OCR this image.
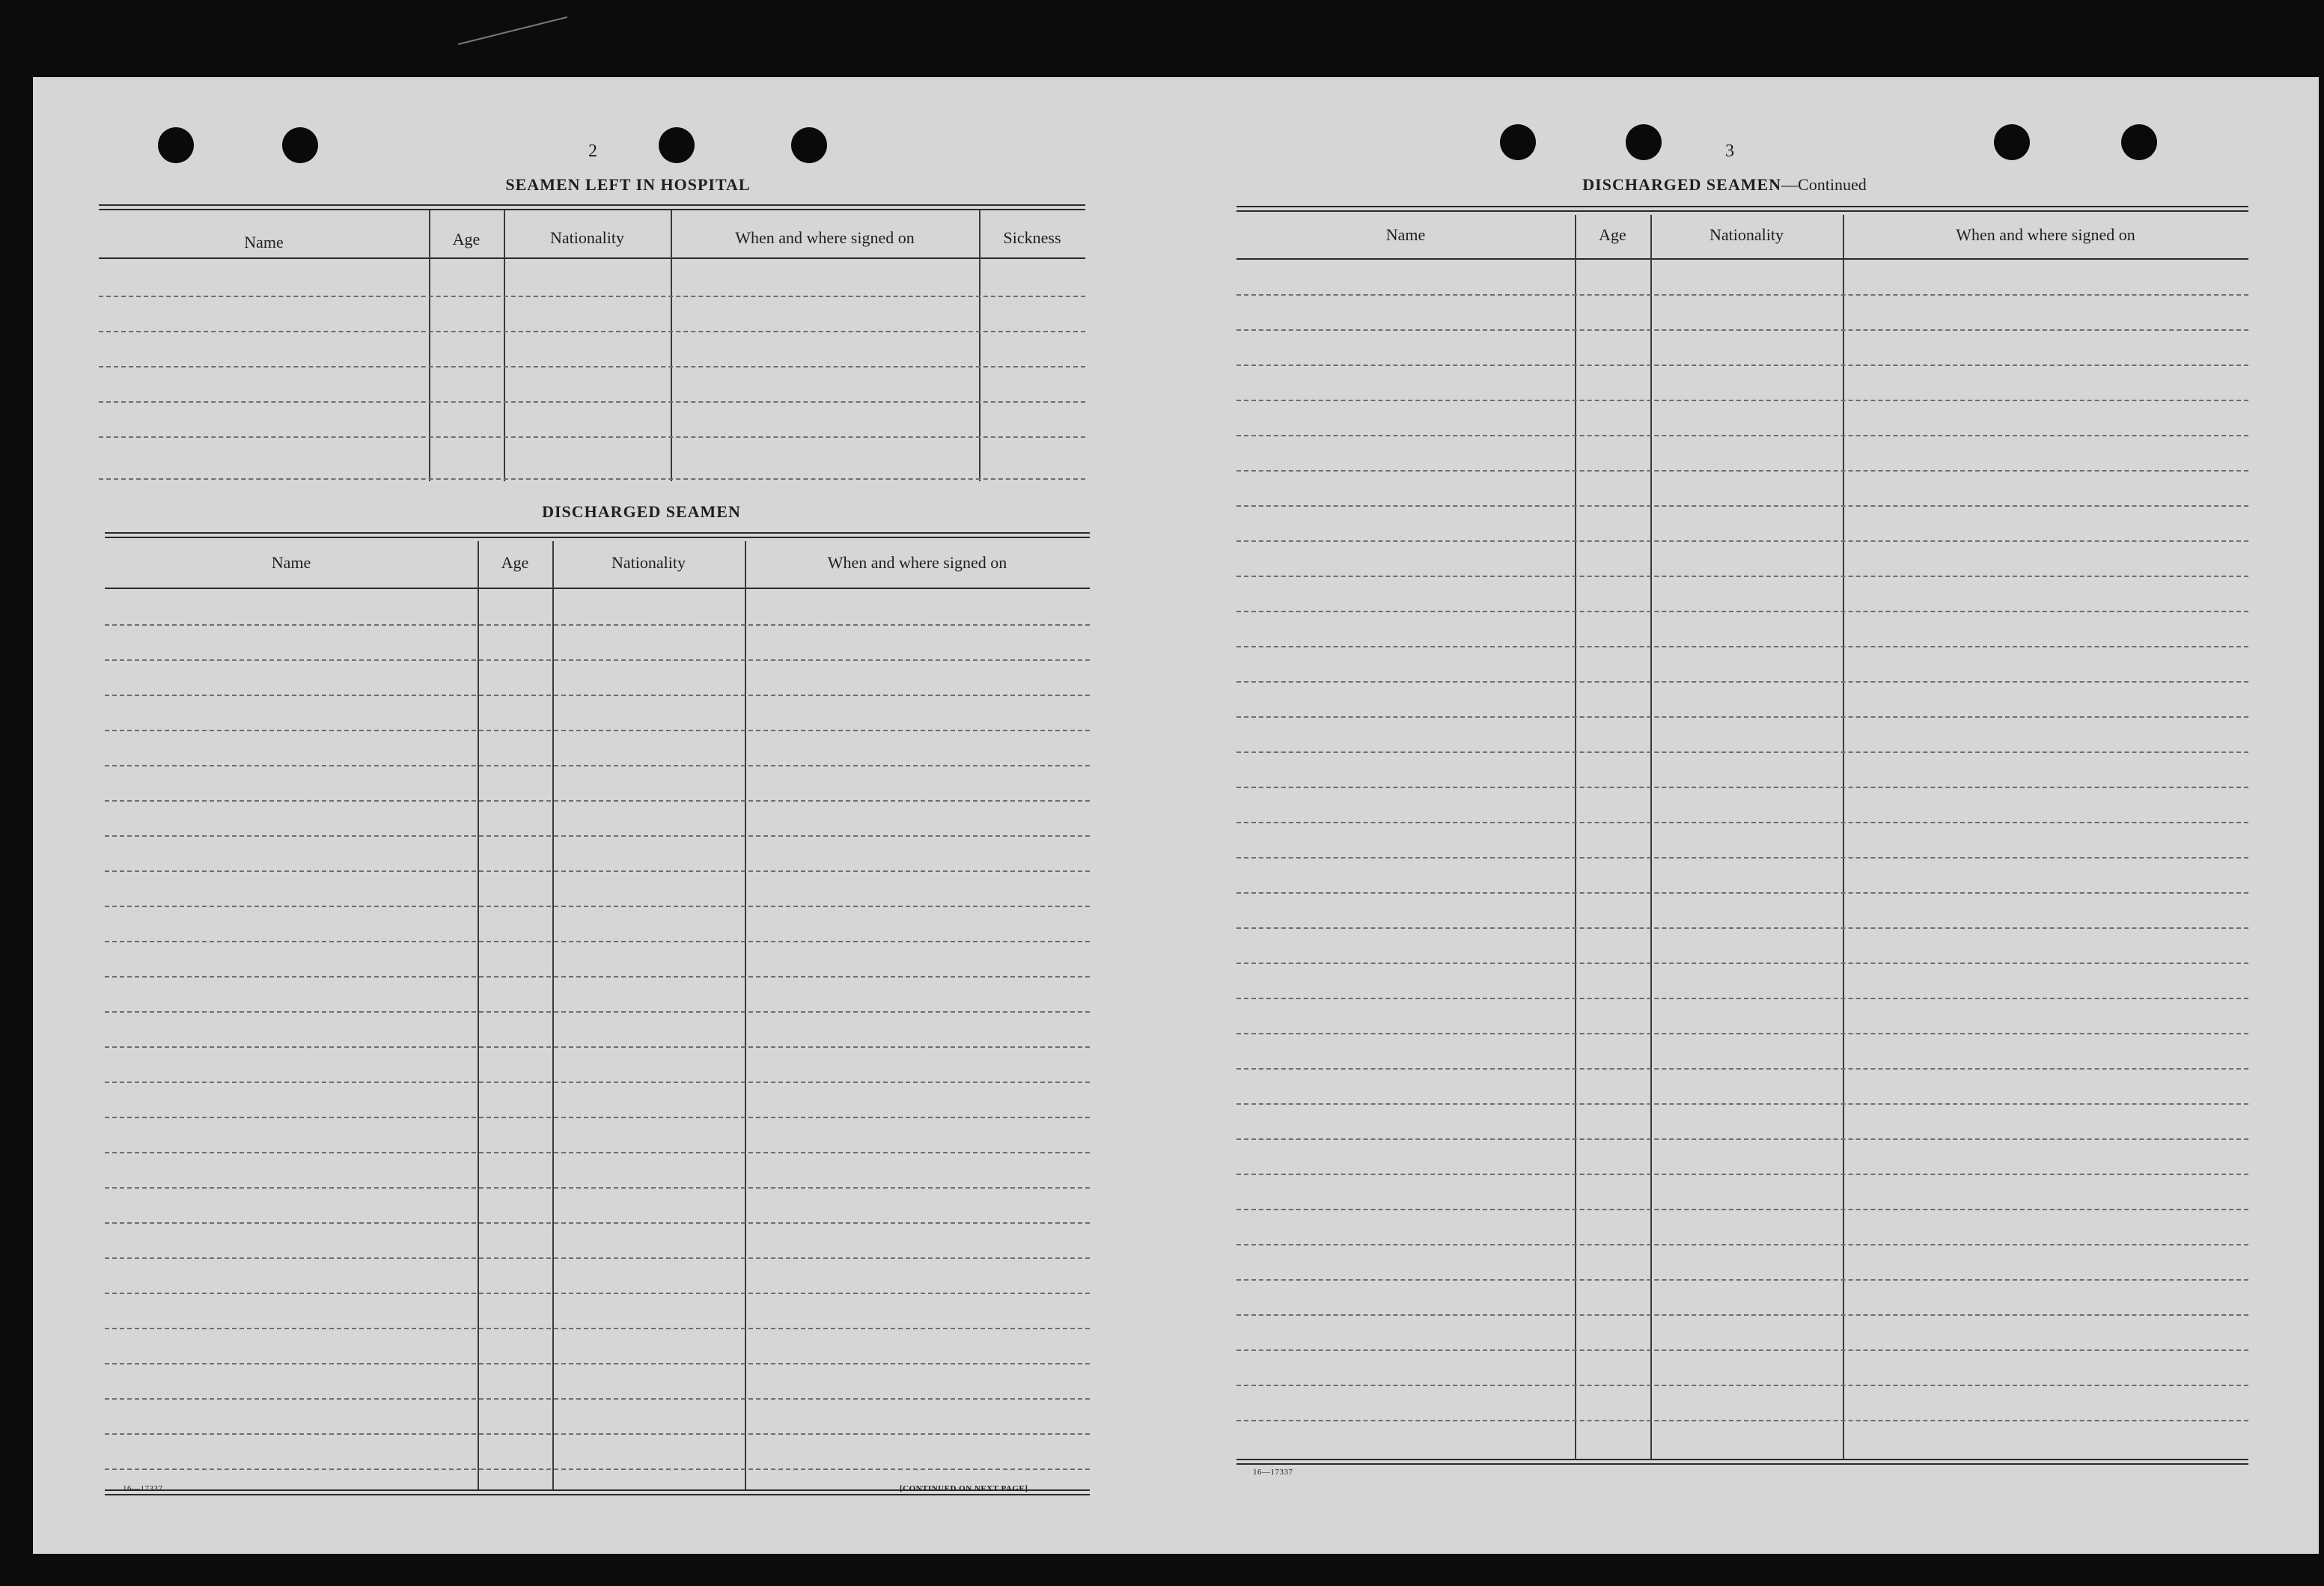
2
SEAMEN LEFT IN HOSPITAL
Name	Age	Nationality	When and where signed on	Sickness
DISCHARGED SEAMEN
Name	Age	Nationality	When and where signed on
16—17337	[CONTINUED ON NEXT PAGE]
3
DISCHARGED SEAMEN—Continued
Name	Age	Nationality	When and where signed on
16—17337
